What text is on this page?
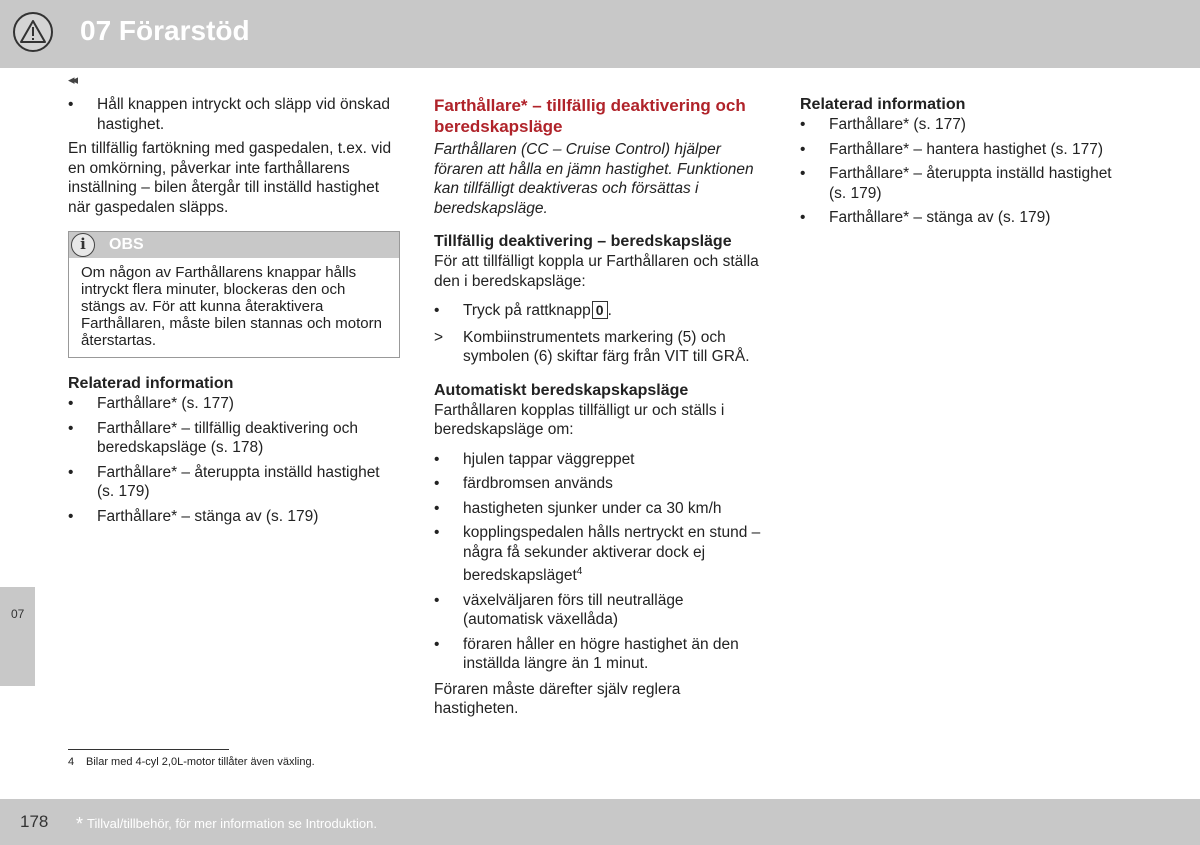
07 Förarstöd
◂◂
07
•	Håll knappen intryckt och släpp vid önskad hastighet.

En tillfällig fartökning med gaspedalen, t.ex. vid en omkörning, påverkar inte farthållarens inställning – bilen återgår till inställd hastighet när gaspedalen släpps.

i	OBS
Om någon av Farthållarens knappar hålls intryckt flera minuter, blockeras den och stängs av. För att kunna återaktivera Farthållaren, måste bilen stannas och motorn återstartas.
Relaterad information
•	Farthållare* (s. 177)
•	Farthållare* – tillfällig deaktivering och beredskapsläge (s. 178)
•	Farthållare* – återuppta inställd hastighet (s. 179)
•	Farthållare* – stänga av (s. 179)
Farthållare* – tillfällig deaktivering och beredskapsläge

Farthållaren (CC – Cruise Control) hjälper föraren att hålla en jämn hastighet. Funktionen kan tillfälligt deaktiveras och försättas i beredskapsläge.

Tillfällig deaktivering – beredskapsläge

För att tillfälligt koppla ur Farthållaren och ställa den i beredskapsläge:

•	Tryck på rattknapp 0 .
>	Kombiinstrumentets markering (5) och symbolen (6) skiftar färg från VIT till GRÅ.
Automatiskt beredskapskapsläge

Farthållaren kopplas tillfälligt ur och ställs i beredskapsläge om:

•	hjulen tappar väggreppet
•	färdbromsen används
•	hastigheten sjunker under ca 30 km/h
•	kopplingspedalen hålls nertryckt en stund – några få sekunder aktiverar dock ej beredskapsläget$^4$
•	växelväljaren förs till neutralläge (automatisk växellåda)
•	föraren håller en högre hastighet än den inställda längre än 1 minut.

Föraren måste därefter själv reglera hastigheten.

Relaterad information
•	Farthållare* (s. 177)
•	Farthållare* – hantera hastighet (s. 177)
•	Farthållare* – återuppta inställd hastighet (s. 179)
•	Farthållare* – stänga av (s. 179)
4 Bilar med 4-cyl 2,0L-motor tillåter även växling.
178 * Tillval/tillbehör, för mer information se Introduktion.
